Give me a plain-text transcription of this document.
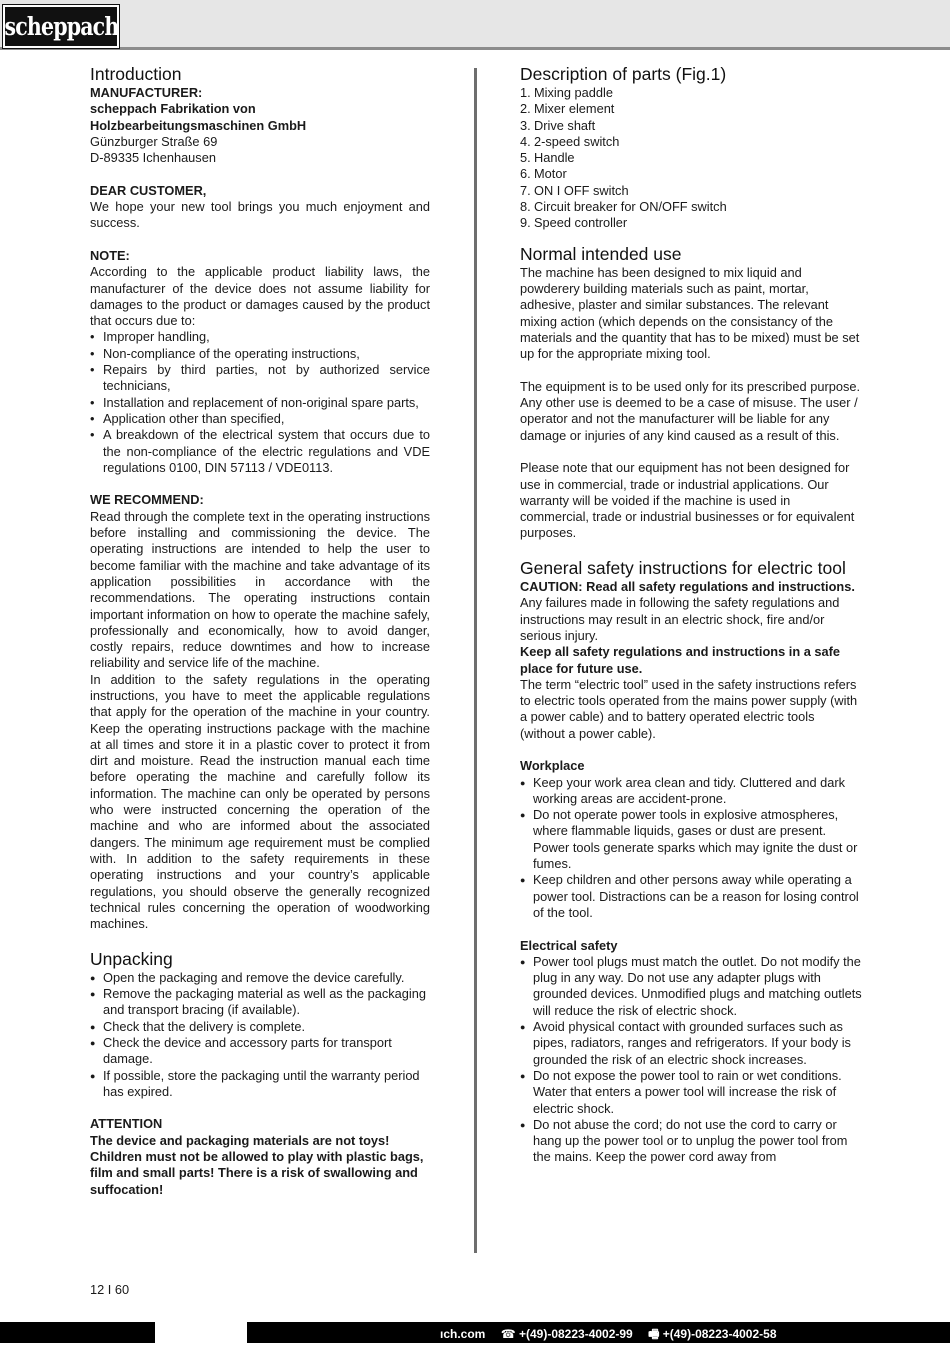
scheppach
Introduction

MANUFACTURER:

scheppach Fabrikation von

Holzbearbeitungsmaschinen GmbH

Günzburger Straße 69

D-89335 Ichenhausen

DEAR CUSTOMER,

We hope your new tool brings you much enjoyment and success.

NOTE:

According to the applicable product liability laws, the manufacturer of the device does not assume liability for damages to the product or damages caused by the product that occurs due to:

• Improper handling,
• Non-compliance of the operating instructions,
• Repairs by third parties, not by authorized service technicians,
• Installation and replacement of non-original spare parts,
• Application other than specified,
• A breakdown of the electrical system that occurs due to the non-compliance of the electric regulations and VDE regulations 0100, DIN 57113 / VDE0113.

WE RECOMMEND:

Read through the complete text in the operating instructions before installing and commissioning the device. The operating instructions are intended to help the user to become familiar with the machine and take advantage of its application possibilities in accordance with the recommendations. The operating instructions contain important information on how to operate the machine safely, professionally and economically, how to avoid danger, costly repairs, reduce downtimes and how to increase reliability and service life of the machine.

In addition to the safety regulations in the operating instructions, you have to meet the applicable regulations that apply for the operation of the machine in your country. Keep the operating instructions package with the machine at all times and store it in a plastic cover to protect it from dirt and moisture. Read the instruction manual each time before operating the machine and carefully follow its information. The machine can only be operated by persons who were instructed concerning the operation of the machine and who are informed about the associated dangers. The minimum age requirement must be complied with. In addition to the safety requirements in these operating instructions and your country’s applicable regulations, you should observe the generally recognized technical rules concerning the operation of woodworking machines.

Unpacking
● Open the packaging and remove the device carefully.
● Remove the packaging material as well as the packaging and transport bracing (if available).
● Check that the delivery is complete.
● Check the device and accessory parts for transport damage.
● If possible, store the packaging until the warranty period has expired.

ATTENTION

The device and packaging materials are not toys! Children must not be allowed to play with plastic bags, film and small parts! There is a risk of swallowing and suffocation!

Description of parts (Fig.1)
1. Mixing paddle
2. Mixer element
3. Drive shaft
4. 2-speed switch
5. Handle
6. Motor
7. ON I OFF switch
8. Circuit breaker for ON/OFF switch
9. Speed controller
Normal intended use

The machine has been designed to mix liquid and powderery building materials such as paint, mortar, adhesive, plaster and similar substances. The relevant mixing action (which depends on the consistancy of the materials and the quantity that has to be mixed) must be set up for the appropriate mixing tool.

The equipment is to be used only for its prescribed purpose. Any other use is deemed to be a case of misuse. The user / operator and not the manufacturer will be liable for any damage or injuries of any kind caused as a result of this.

Please note that our equipment has not been designed for use in commercial, trade or industrial applications. Our warranty will be voided if the machine is used in commercial, trade or industrial businesses or for equivalent purposes.

General safety instructions for electric tool

CAUTION: Read all safety regulations and instructions.

Any failures made in following the safety regulations and instructions may result in an electric shock, fire and/or serious injury.

Keep all safety regulations and instructions in a safe place for future use.

The term “electric tool” used in the safety instructions refers to electric tools operated from the mains power supply (with a power cable) and to battery operated electric tools (without a power cable).

Workplace
● Keep your work area clean and tidy. Cluttered and dark working areas are accident-prone.
● Do not operate power tools in explosive atmospheres, where flammable liquids, gases or dust are present. Power tools generate sparks which may ignite the dust or fumes.
● Keep children and other persons away while operating a power tool. Distractions can be a reason for losing control of the tool.
Electrical safety
● Power tool plugs must match the outlet. Do not modify the plug in any way. Do not use any adapter plugs with grounded devices. Unmodified plugs and matching outlets will reduce the risk of electric shock.
● Avoid physical contact with grounded surfaces such as pipes, radiators, ranges and refrigerators. If your body is grounded the risk of an electric shock increases.
● Do not expose the power tool to rain or wet conditions. Water that enters a power tool will increase the risk of electric shock.
● Do not abuse the cord; do not use the cord to carry or hang up the power tool or to unplug the power tool from the mains. Keep the power cord away from
12 I 60
ıch.com ☎ +(49)-08223-4002-99 🖷 +(49)-08223-4002-58
